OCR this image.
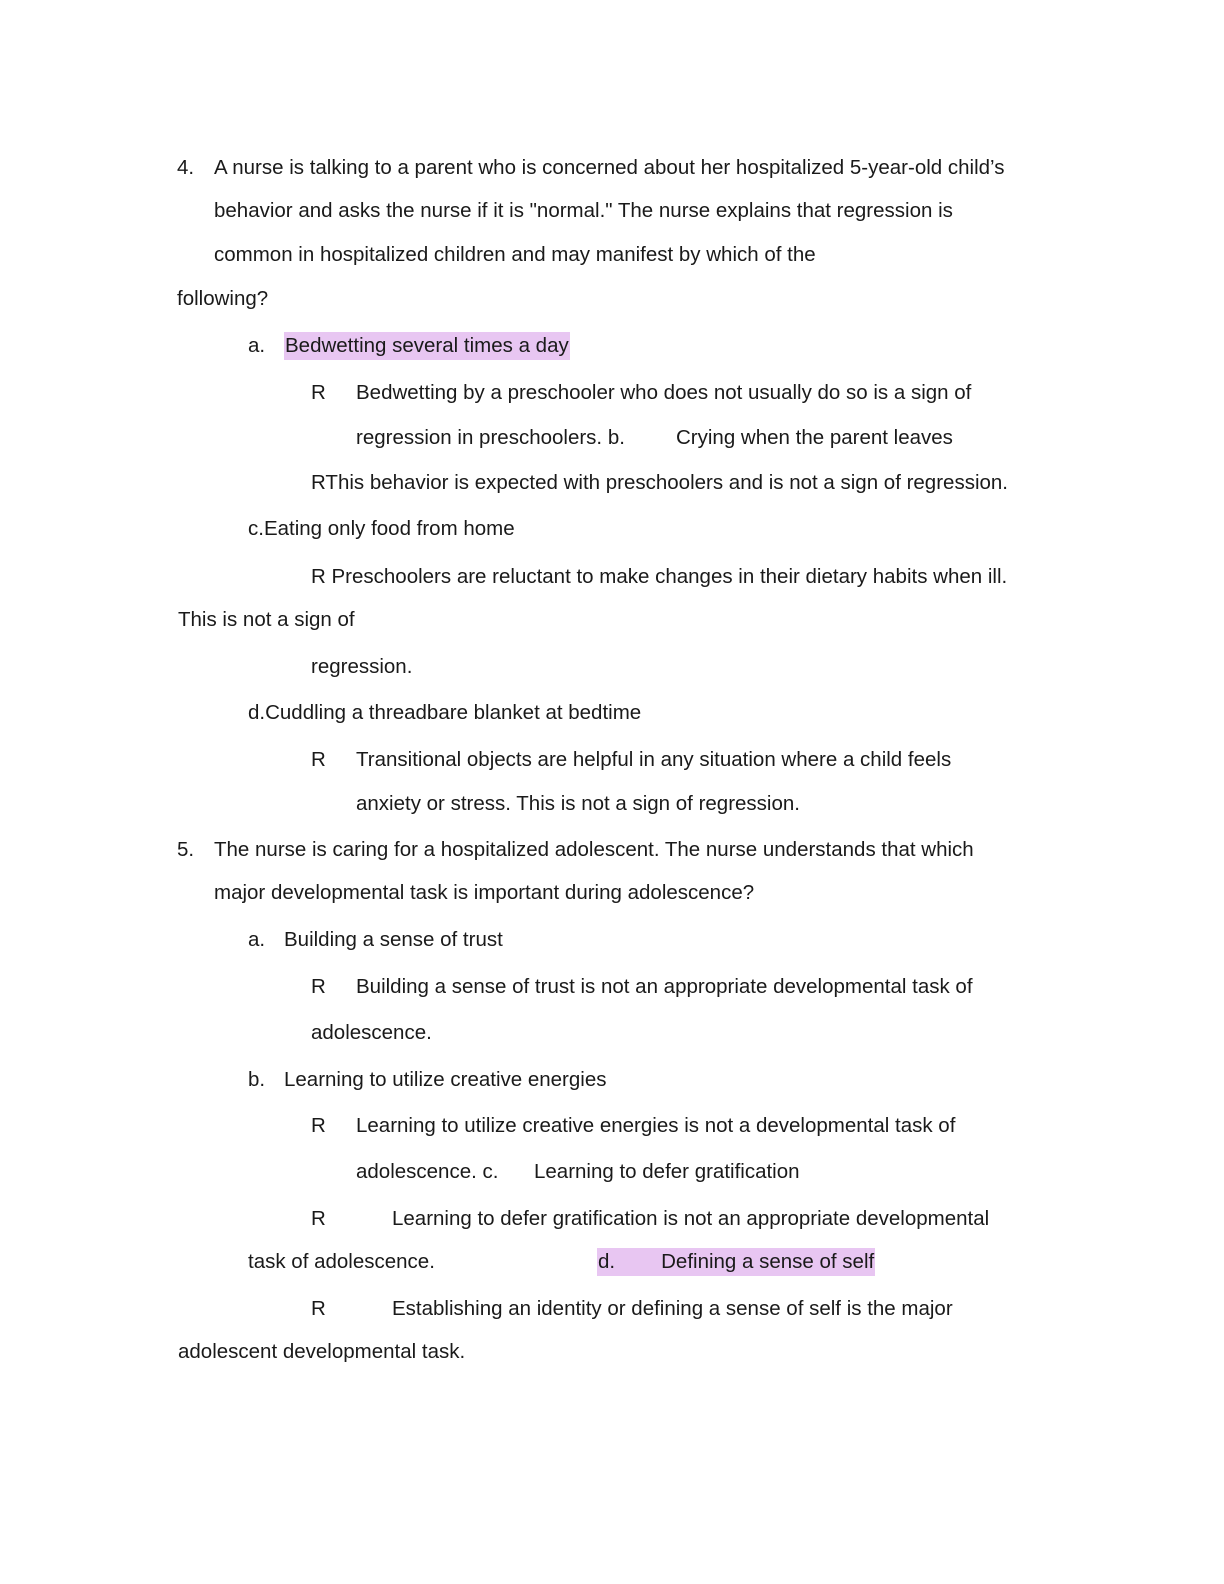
4. A nurse is talking to a parent who is concerned about her hospitalized 5-year-old child’s
behavior and asks the nurse if it is "normal." The nurse explains that regression is
common in hospitalized children and may manifest by which of the
following?
a. Bedwetting several times a day
R Bedwetting by a preschooler who does not usually do so is a sign of
regression in preschoolers. b. Crying when the parent leaves
RThis behavior is expected with preschoolers and is not a sign of regression.
c.Eating only food from home
R Preschoolers are reluctant to make changes in their dietary habits when ill.
This is not a sign of
regression.
d.Cuddling a threadbare blanket at bedtime
R Transitional objects are helpful in any situation where a child feels
anxiety or stress. This is not a sign of regression.
5. The nurse is caring for a hospitalized adolescent. The nurse understands that which
major developmental task is important during adolescence?
a. Building a sense of trust
R Building a sense of trust is not an appropriate developmental task of
adolescence.
b. Learning to utilize creative energies
R Learning to utilize creative energies is not a developmental task of
adolescence. c. Learning to defer gratification
R	Learning to defer gratification is not an appropriate developmental
task of adolescence.	d. Defining a sense of self
R	Establishing an identity or defining a sense of self is the major
adolescent developmental task.
